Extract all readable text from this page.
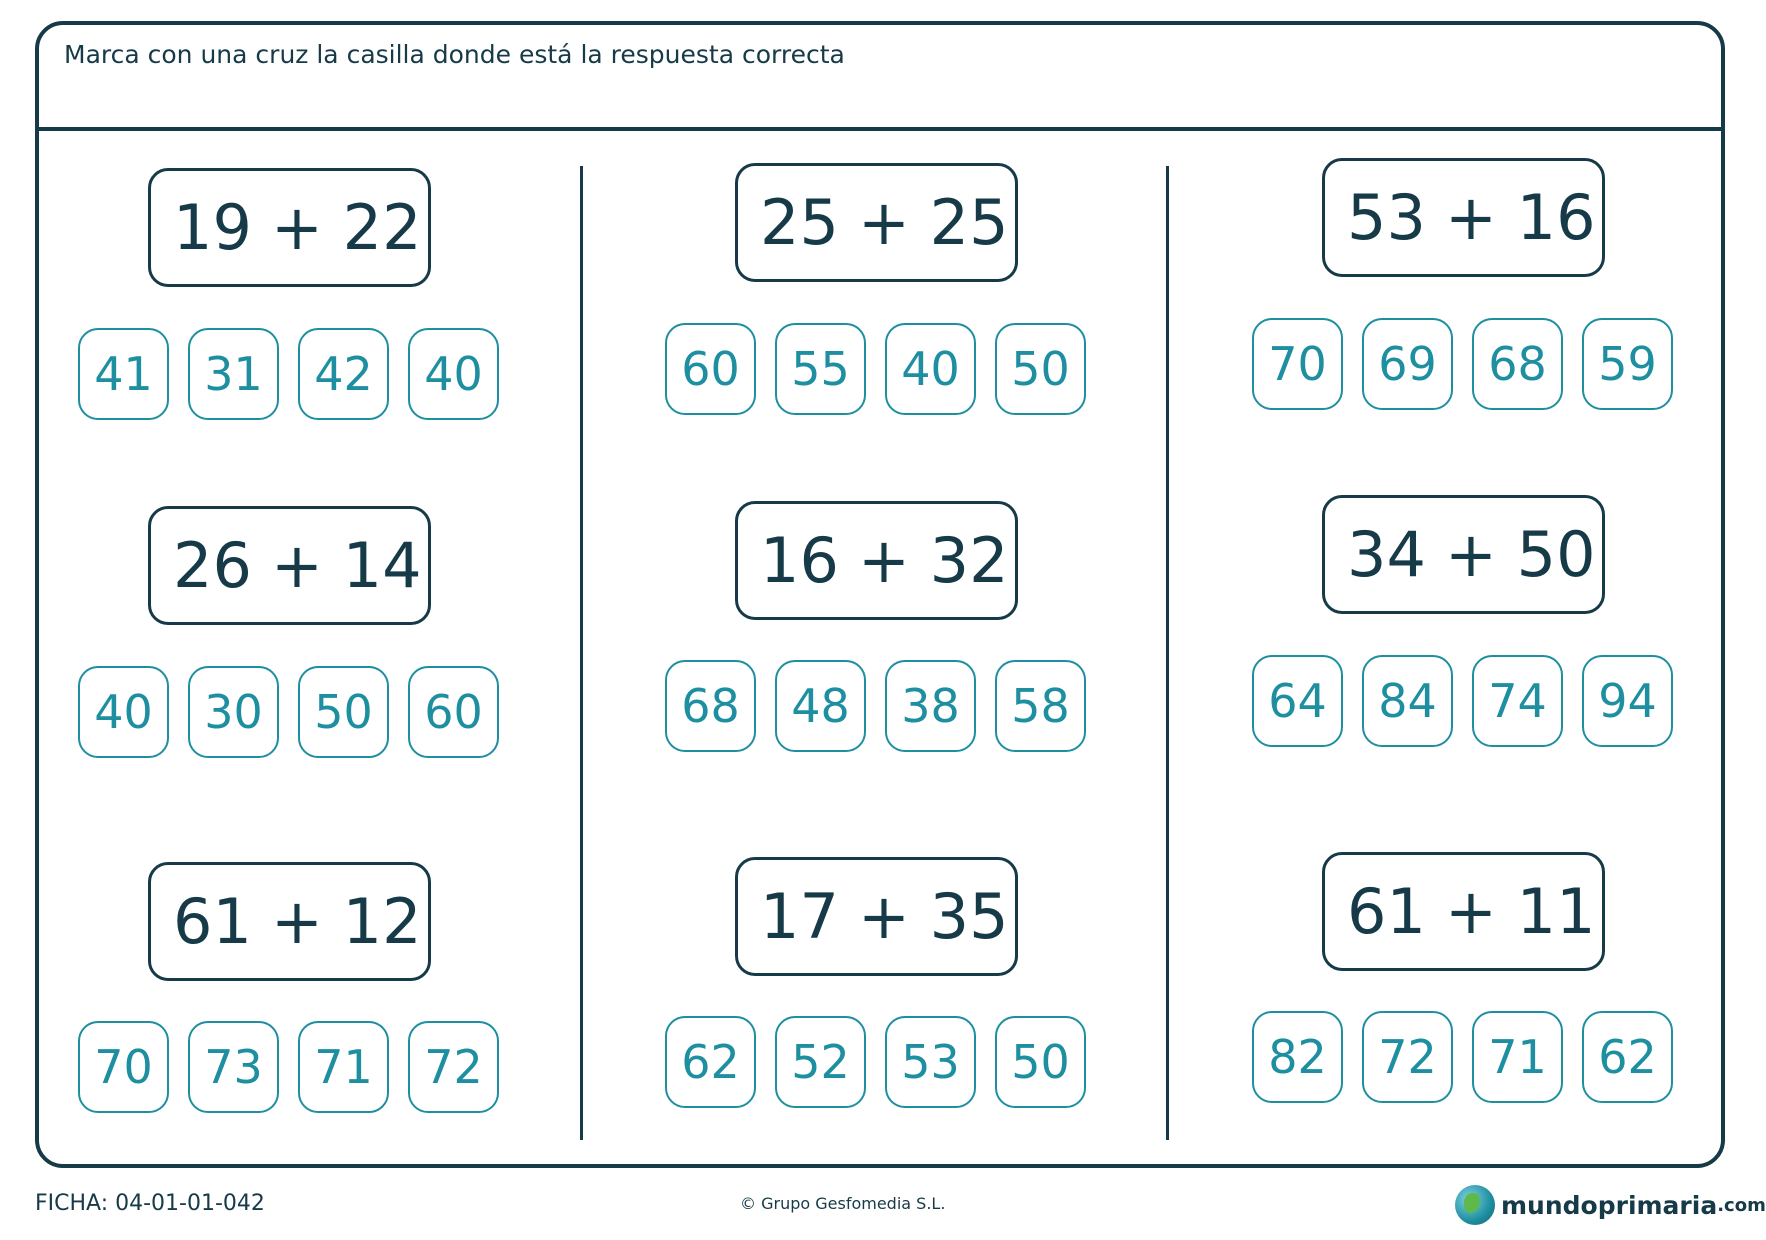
Marca con una cruz la casilla donde está la respuesta correcta
19 + 22
41	31	42	40
26 + 14
40	30	50	60
61 + 12
70	73	71	72
25 + 25
60	55	40	50
16 + 32
68	48	38	58
17 + 35
62	52	53	50
53 + 16
70	69	68	59
34 + 50
64	84	74	94
61 + 11
82	72	71	62
FICHA: 04-01-01-042	© Grupo Gesfomedia S.L.	mundoprimaria .com
